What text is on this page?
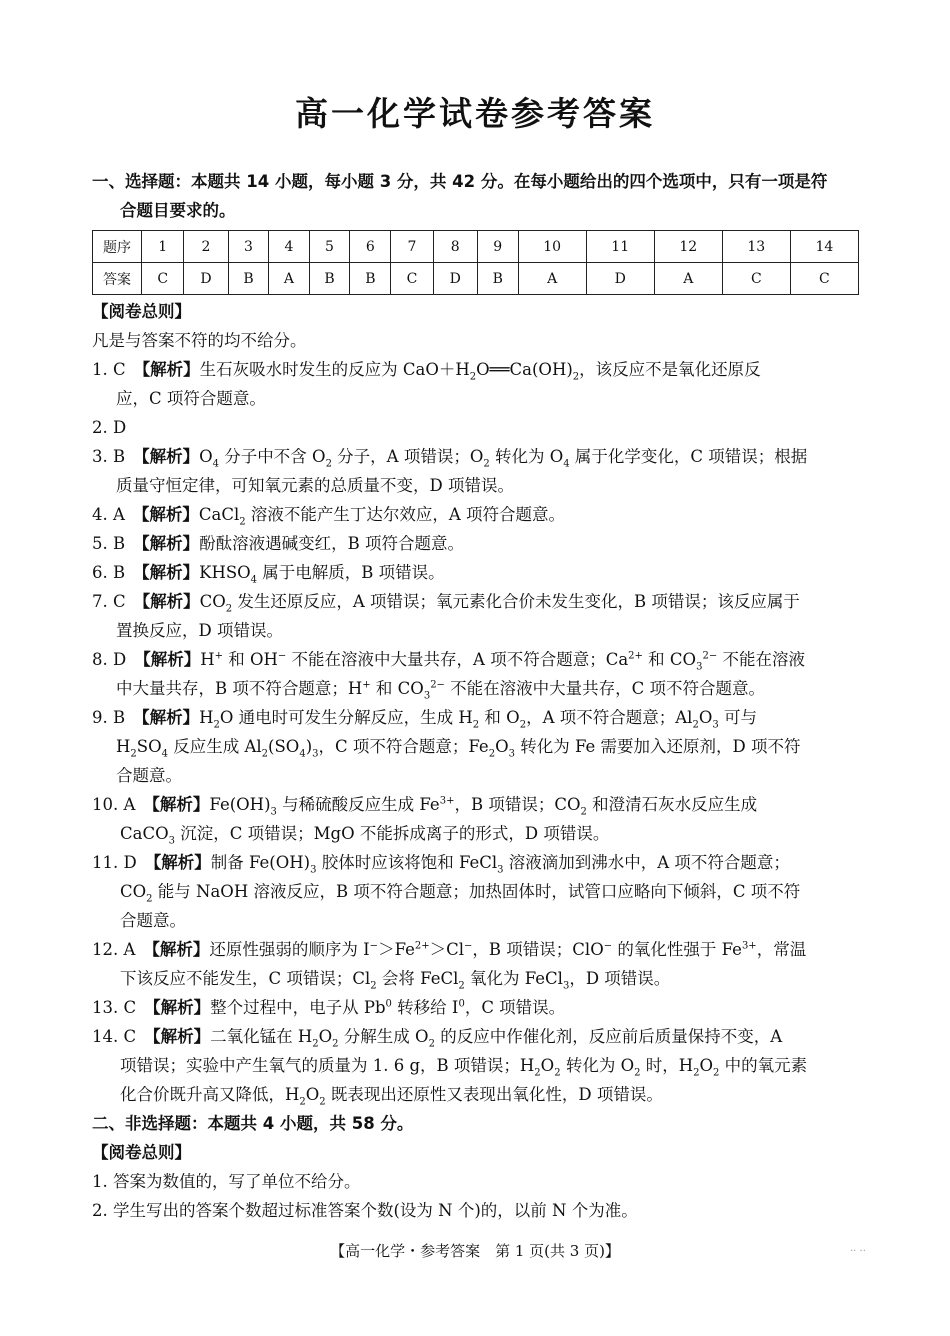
高一化学试卷参考答案
一、选择题：本题共 14 小题，每小题 3 分，共 42 分。在每小题给出的四个选项中，只有一项是符
合题目要求的。
题序	1	2	3	4	5	6	7	8	9	10	11	12	13	14
答案	C	D	B	A	B	B	C	D	B	A	D	A	C	C
【阅卷总则】
凡是与答案不符的均不给分。
1. C 【解析】生石灰吸水时发生的反应为 $CaO+H_2O══Ca(OH)_2$，该反应不是氧化还原反
应，C 项符合题意。
2. D
3. B 【解析】$O_4$ 分子中不含 $O_2$ 分子，A 项错误；$O_2$ 转化为 $O_4$ 属于化学变化，C 项错误；根据
质量守恒定律，可知氧元素的总质量不变，D 项错误。
4. A 【解析】CaCl$_2$ 溶液不能产生丁达尔效应，A 项符合题意。
5. B 【解析】酚酞溶液遇碱变红，B 项符合题意。
6. B 【解析】$KHSO_4$ 属于电解质，B 项错误。
7. C 【解析】$CO_2$ 发生还原反应，A 项错误；氧元素化合价未发生变化，B 项错误；该反应属于
置换反应，D 项错误。
8. D 【解析】H+ 和 OH− 不能在溶液中大量共存，A 项不符合题意；$Ca^{2+}$ 和 $CO_3^{2-}$ 不能在溶液
中大量共存，B 项不符合题意；H+ 和 $CO_3^{2-}$ 不能在溶液中大量共存，C 项不符合题意。
9. B 【解析】$H_2O$ 通电时可发生分解反应，生成 $H_2$ 和 $O_2$，A 项不符合题意；$Al_2O_3$ 可与
$H_2SO_4$ 反应生成 $Al_2(SO_4)_3$，C 项不符合题意；$Fe_2O_3$ 转化为 Fe 需要加入还原剂，D 项不符
合题意。
10. A 【解析】$Fe(OH)_3$ 与稀硫酸反应生成 $Fe^{3+}$，B 项错误；$CO_2$ 和澄清石灰水反应生成
CaCO$_3$ 沉淀，C 项错误；MgO 不能拆成离子的形式，D 项错误。
11. D 【解析】制备 $Fe(OH)_3$ 胶体时应该将饱和 FeCl$_3$ 溶液滴加到沸水中，A 项不符合题意；
$CO_2$ 能与 NaOH 溶液反应，B 项不符合题意；加热固体时，试管口应略向下倾斜，C 项不符
合题意。
12. A 【解析】还原性强弱的顺序为 $I^->Fe^{2+}>Cl^-$，B 项错误；ClO− 的氧化性强于 $Fe^{3+}$，常温
下该反应不能发生，C 项错误；$Cl_2$ 会将 FeCl$_2$ 氧化为 FeCl$_3$，D 项错误。
13. C 【解析】整个过程中，电子从 Pb$^0$ 转移给 $I^0$，C 项错误。
14. C 【解析】二氧化锰在 $H_2O_2$ 分解生成 $O_2$ 的反应中作催化剂，反应前后质量保持不变，A
项错误；实验中产生氧气的质量为 1. 6 g，B 项错误；$H_2O_2$ 转化为 $O_2$ 时，$H_2O_2$ 中的氧元素
化合价既升高又降低，$H_2O_2$ 既表现出还原性又表现出氧化性，D 项错误。
二、非选择题：本题共 4 小题，共 58 分。
【阅卷总则】
1. 答案为数值的，写了单位不给分。
2. 学生写出的答案个数超过标准答案个数(设为 N 个)的，以前 N 个为准。
【高一化学・参考答案　第 1 页(共 3 页)】	.. ..
